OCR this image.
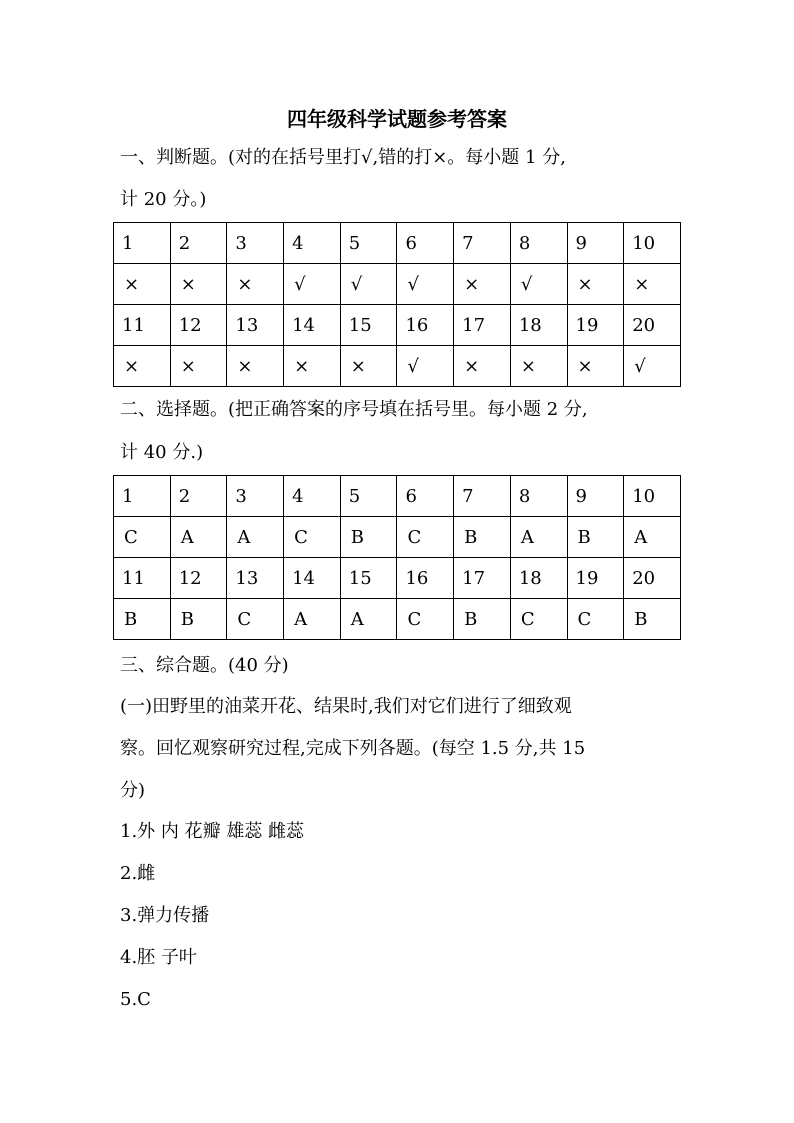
四年级科学试题参考答案
一、判断题。(对的在括号里打√,错的打×。每小题 1 分,
计 20 分。)
1	2	3	4	5	6	7	8	9	10
×	×	×	√	√	√	×	√	×	×
11	12	13	14	15	16	17	18	19	20
×	×	×	×	×	√	×	×	×	√
二、选择题。(把正确答案的序号填在括号里。每小题 2 分,
计 40 分.)
1	2	3	4	5	6	7	8	9	10
C	A	A	C	B	C	B	A	B	A
11	12	13	14	15	16	17	18	19	20
B	B	C	A	A	C	B	C	C	B
三、综合题。(40 分)
(一)田野里的油菜开花、结果时,我们对它们进行了细致观
察。回忆观察研究过程,完成下列各题。(每空 1.5 分,共 15
分)
1.外 内 花瓣 雄蕊 雌蕊
2.雌
3.弹力传播
4.胚 子叶
5.C
